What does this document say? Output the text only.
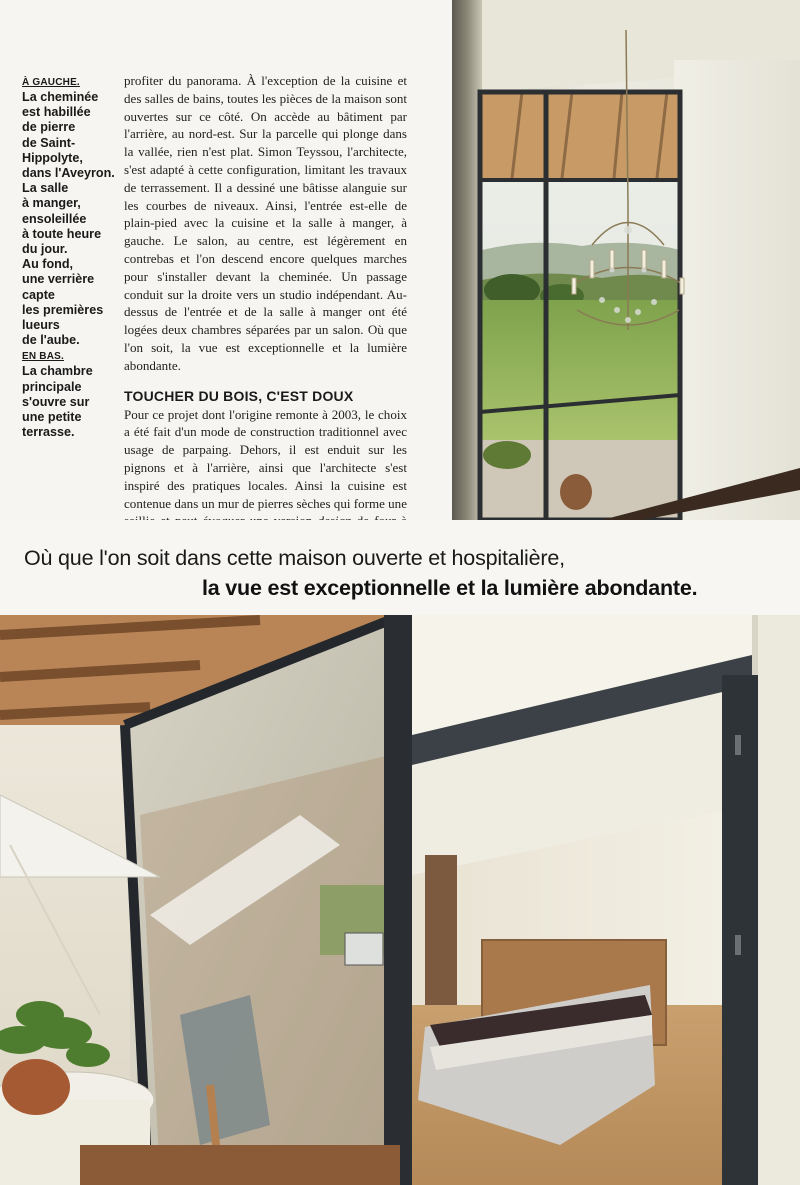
À GAUCHE.
La cheminée
est habillée
de pierre
de Saint-
Hippolyte,
dans l'Aveyron.
La salle
à manger,
ensoleillée
à toute heure
du jour.
Au fond,
une verrière
capte
les premières
lueurs
de l'aube.
EN BAS.
La chambre
principale
s'ouvre sur
une petite
terrasse.

profiter du panorama. À l'exception de la cuisine et des salles de bains, toutes les pièces de la maison sont ouvertes sur ce côté. On accède au bâtiment par l'arrière, au nord-est. Sur la parcelle qui plonge dans la vallée, rien n'est plat. Simon Teyssou, l'architecte, s'est adapté à cette configuration, limitant les travaux de terrassement. Il a dessiné une bâtisse alanguie sur les courbes de niveaux. Ainsi, l'entrée est-elle de plain-pied avec la cuisine et la salle à manger, à gauche. Le salon, au centre, est légèrement en contrebas et l'on descend encore quelques marches pour s'installer devant la cheminée. Un passage conduit sur la droite vers un studio indépendant. Au-dessus de l'entrée et de la salle à manger ont été logées deux chambres séparées par un salon. Où que l'on soit, la vue est exceptionnelle et la lumière abondante.

TOUCHER DU BOIS, C'EST DOUX

Pour ce projet dont l'origine remonte à 2003, le choix a été fait d'un mode de construction traditionnel avec usage de parpaing. Dehors, il est enduit sur les pignons et à l'arrière, ainsi que l'architecte s'est inspiré des pratiques locales. Ainsi la cuisine est contenue dans un mur de pierres sèches qui forme une

Où que l'on soit dans cette maison ouverte et hospitalière,

la vue est exceptionnelle et la lumière abondante.
